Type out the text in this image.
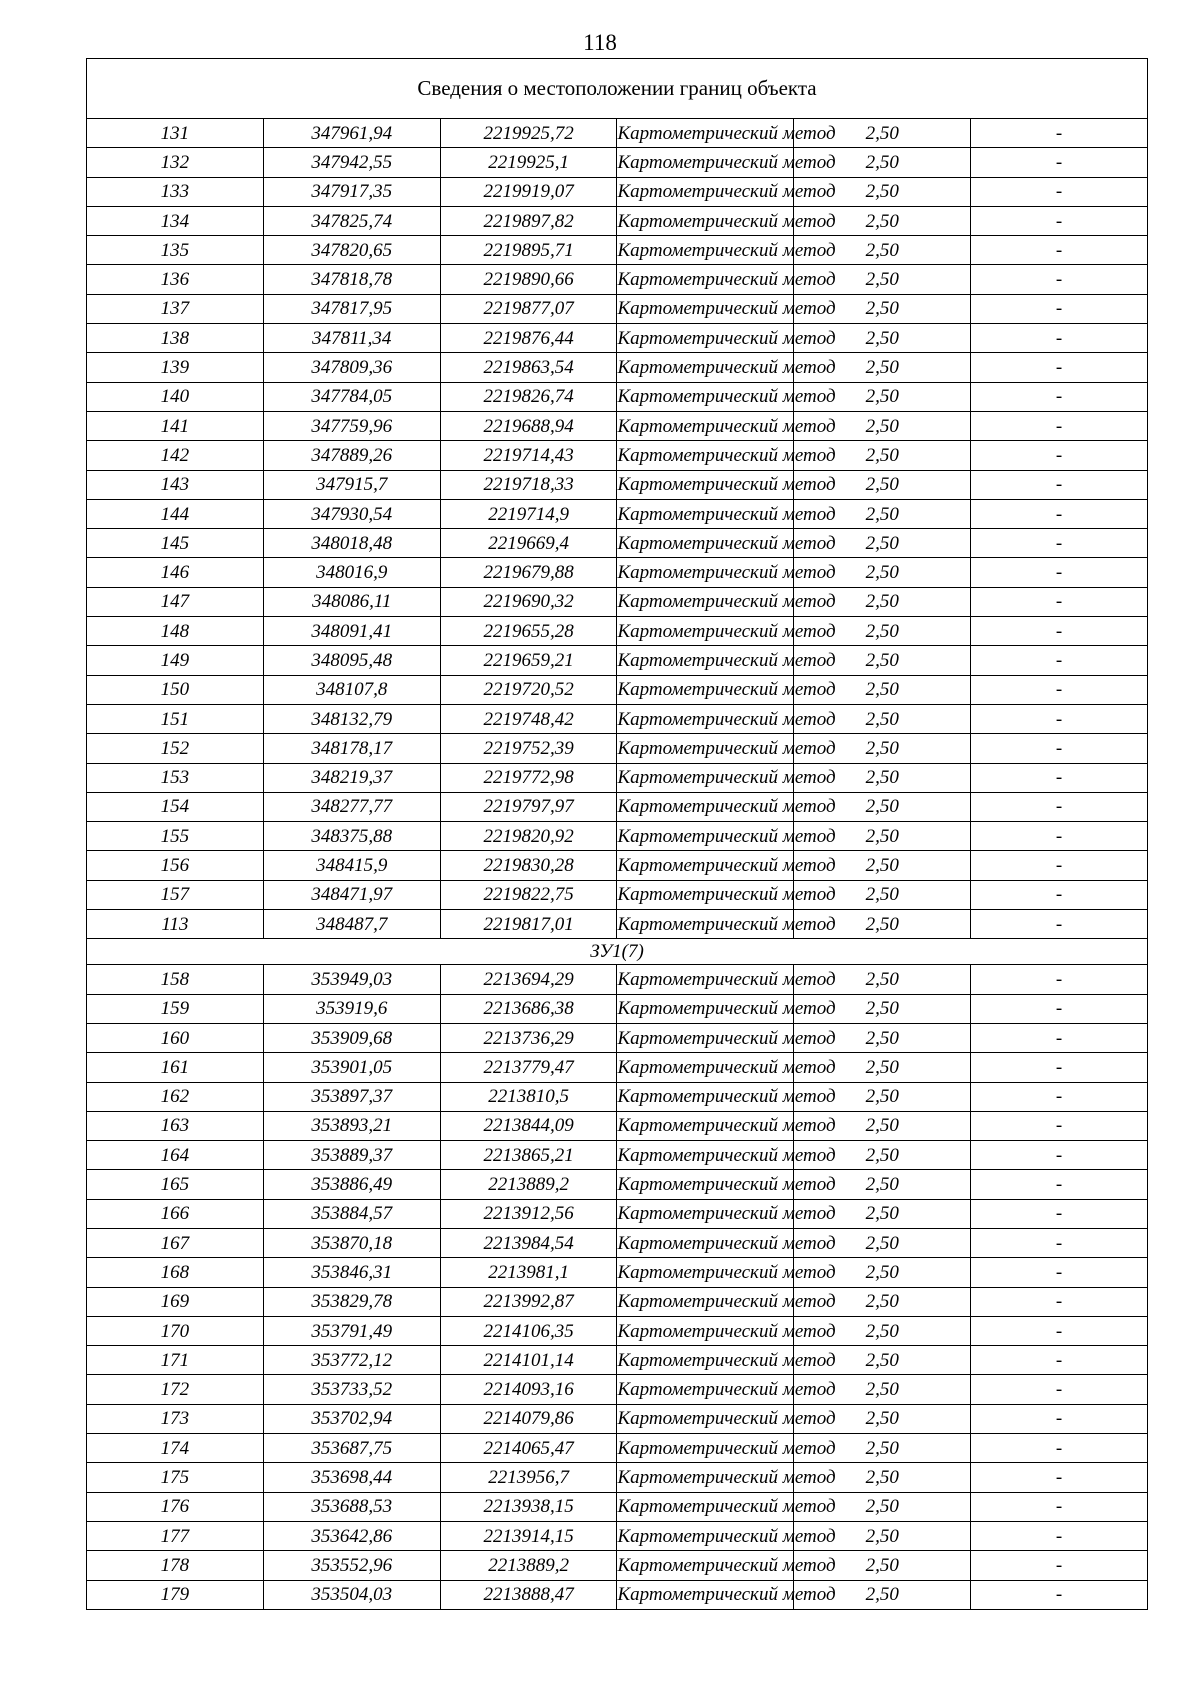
118
Сведения о местоположении границ объекта					
131	347961,94	2219925,72	Картометрический метод	2,50	-
132	347942,55	2219925,1	Картометрический метод	2,50	-
133	347917,35	2219919,07	Картометрический метод	2,50	-
134	347825,74	2219897,82	Картометрический метод	2,50	-
135	347820,65	2219895,71	Картометрический метод	2,50	-
136	347818,78	2219890,66	Картометрический метод	2,50	-
137	347817,95	2219877,07	Картометрический метод	2,50	-
138	347811,34	2219876,44	Картометрический метод	2,50	-
139	347809,36	2219863,54	Картометрический метод	2,50	-
140	347784,05	2219826,74	Картометрический метод	2,50	-
141	347759,96	2219688,94	Картометрический метод	2,50	-
142	347889,26	2219714,43	Картометрический метод	2,50	-
143	347915,7	2219718,33	Картометрический метод	2,50	-
144	347930,54	2219714,9	Картометрический метод	2,50	-
145	348018,48	2219669,4	Картометрический метод	2,50	-
146	348016,9	2219679,88	Картометрический метод	2,50	-
147	348086,11	2219690,32	Картометрический метод	2,50	-
148	348091,41	2219655,28	Картометрический метод	2,50	-
149	348095,48	2219659,21	Картометрический метод	2,50	-
150	348107,8	2219720,52	Картометрический метод	2,50	-
151	348132,79	2219748,42	Картометрический метод	2,50	-
152	348178,17	2219752,39	Картометрический метод	2,50	-
153	348219,37	2219772,98	Картометрический метод	2,50	-
154	348277,77	2219797,97	Картометрический метод	2,50	-
155	348375,88	2219820,92	Картометрический метод	2,50	-
156	348415,9	2219830,28	Картометрический метод	2,50	-
157	348471,97	2219822,75	Картометрический метод	2,50	-
113	348487,7	2219817,01	Картометрический метод	2,50	-
ЗУ1(7)					
158	353949,03	2213694,29	Картометрический метод	2,50	-
159	353919,6	2213686,38	Картометрический метод	2,50	-
160	353909,68	2213736,29	Картометрический метод	2,50	-
161	353901,05	2213779,47	Картометрический метод	2,50	-
162	353897,37	2213810,5	Картометрический метод	2,50	-
163	353893,21	2213844,09	Картометрический метод	2,50	-
164	353889,37	2213865,21	Картометрический метод	2,50	-
165	353886,49	2213889,2	Картометрический метод	2,50	-
166	353884,57	2213912,56	Картометрический метод	2,50	-
167	353870,18	2213984,54	Картометрический метод	2,50	-
168	353846,31	2213981,1	Картометрический метод	2,50	-
169	353829,78	2213992,87	Картометрический метод	2,50	-
170	353791,49	2214106,35	Картометрический метод	2,50	-
171	353772,12	2214101,14	Картометрический метод	2,50	-
172	353733,52	2214093,16	Картометрический метод	2,50	-
173	353702,94	2214079,86	Картометрический метод	2,50	-
174	353687,75	2214065,47	Картометрический метод	2,50	-
175	353698,44	2213956,7	Картометрический метод	2,50	-
176	353688,53	2213938,15	Картометрический метод	2,50	-
177	353642,86	2213914,15	Картометрический метод	2,50	-
178	353552,96	2213889,2	Картометрический метод	2,50	-
179	353504,03	2213888,47	Картометрический метод	2,50	-
